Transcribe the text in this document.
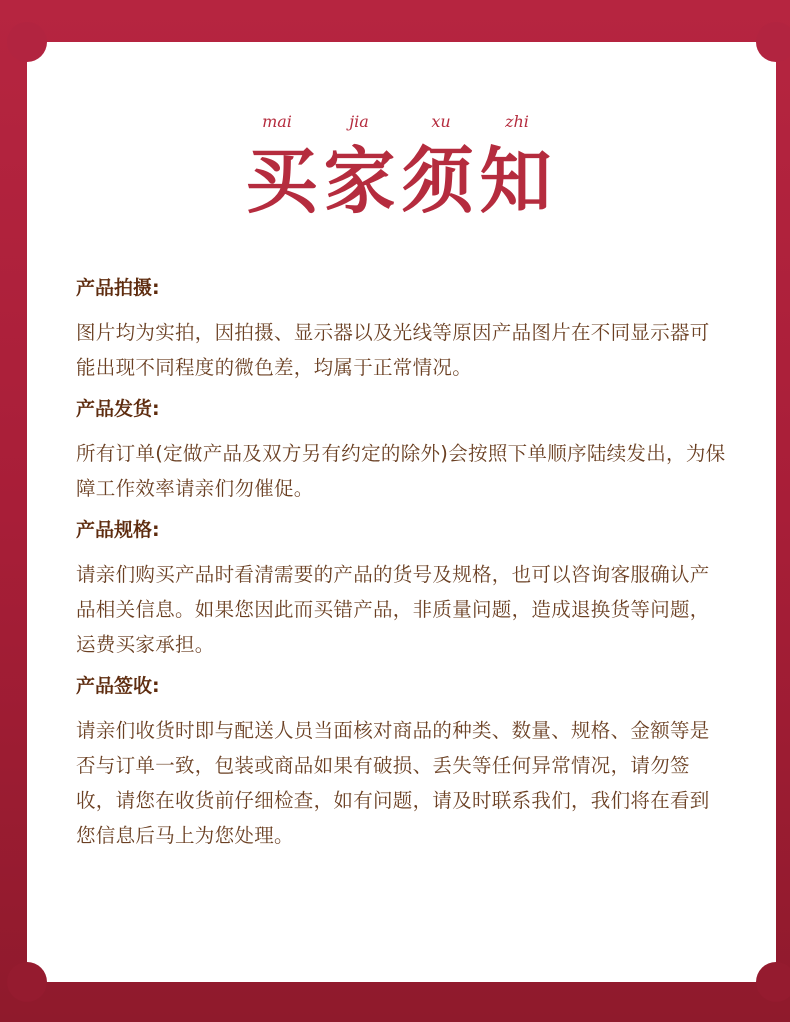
mai	jia	xu	zhi
买家须知
产品拍摄:
图片均为实拍，因拍摄、显示器以及光线等原因产品图片在不同显示器可能出现不同程度的微色差，均属于正常情况。
产品发货:
所有订单(定做产品及双方另有约定的除外)会按照下单顺序陆续发出，为保障工作效率请亲们勿催促。
产品规格:
请亲们购买产品时看清需要的产品的货号及规格，也可以咨询客服确认产品相关信息。如果您因此而买错产品，非质量问题，造成退换货等问题，运费买家承担。
产品签收:
请亲们收货时即与配送人员当面核对商品的种类、数量、规格、金额等是否与订单一致，包装或商品如果有破损、丢失等任何异常情况，请勿签收，请您在收货前仔细检查，如有问题，请及时联系我们，我们将在看到您信息后马上为您处理。
